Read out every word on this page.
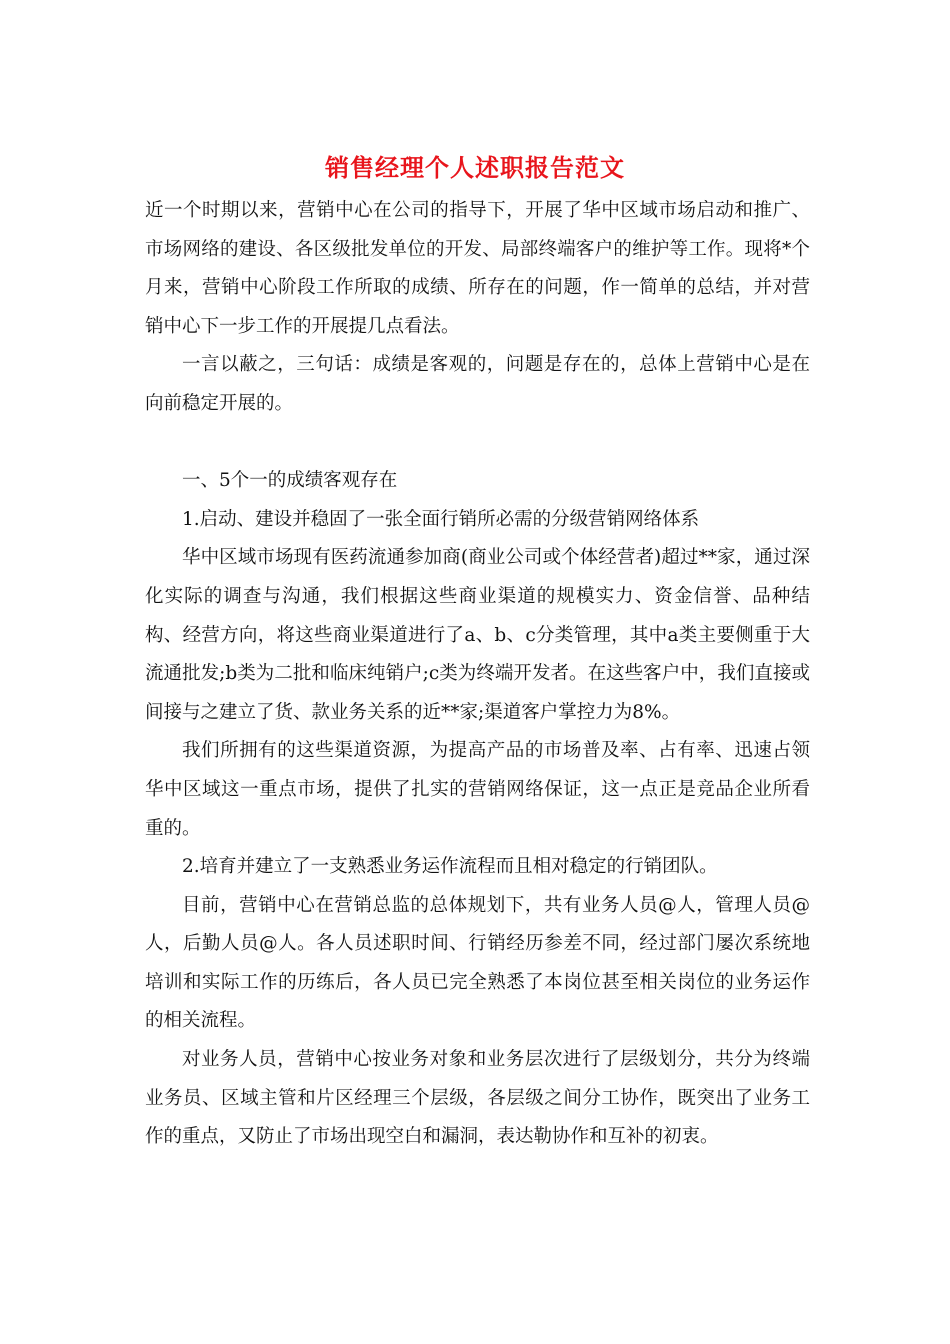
销售经理个人述职报告范文

近一个时期以来，营销中心在公司的指导下，开展了华中区域市场启动和推广、市场网络的建设、各区级批发单位的开发、局部终端客户的维护等工作。现将*个月来，营销中心阶段工作所取的成绩、所存在的问题，作一简单的总结，并对营销中心下一步工作的开展提几点看法。

一言以蔽之，三句话：成绩是客观的，问题是存在的，总体上营销中心是在向前稳定开展的。

一、5个一的成绩客观存在

1.启动、建设并稳固了一张全面行销所必需的分级营销网络体系

华中区域市场现有医药流通参加商(商业公司或个体经营者)超过**家，通过深化实际的调查与沟通，我们根据这些商业渠道的规模实力、资金信誉、品种结构、经营方向，将这些商业渠道进行了a、b、c分类管理，其中a类主要侧重于大流通批发;b类为二批和临床纯销户;c类为终端开发者。在这些客户中，我们直接或间接与之建立了货、款业务关系的近**家;渠道客户掌控力为8%。

我们所拥有的这些渠道资源，为提高产品的市场普及率、占有率、迅速占领华中区域这一重点市场，提供了扎实的营销网络保证，这一点正是竞品企业所看重的。

2.培育并建立了一支熟悉业务运作流程而且相对稳定的行销团队。

目前，营销中心在营销总监的总体规划下，共有业务人员@人，管理人员@人，后勤人员@人。各人员述职时间、行销经历参差不同，经过部门屡次系统地培训和实际工作的历练后，各人员已完全熟悉了本岗位甚至相关岗位的业务运作的相关流程。

对业务人员，营销中心按业务对象和业务层次进行了层级划分，共分为终端业务员、区域主管和片区经理三个层级，各层级之间分工协作，既突出了业务工作的重点，又防止了市场出现空白和漏洞，表达勒协作和互补的初衷。
